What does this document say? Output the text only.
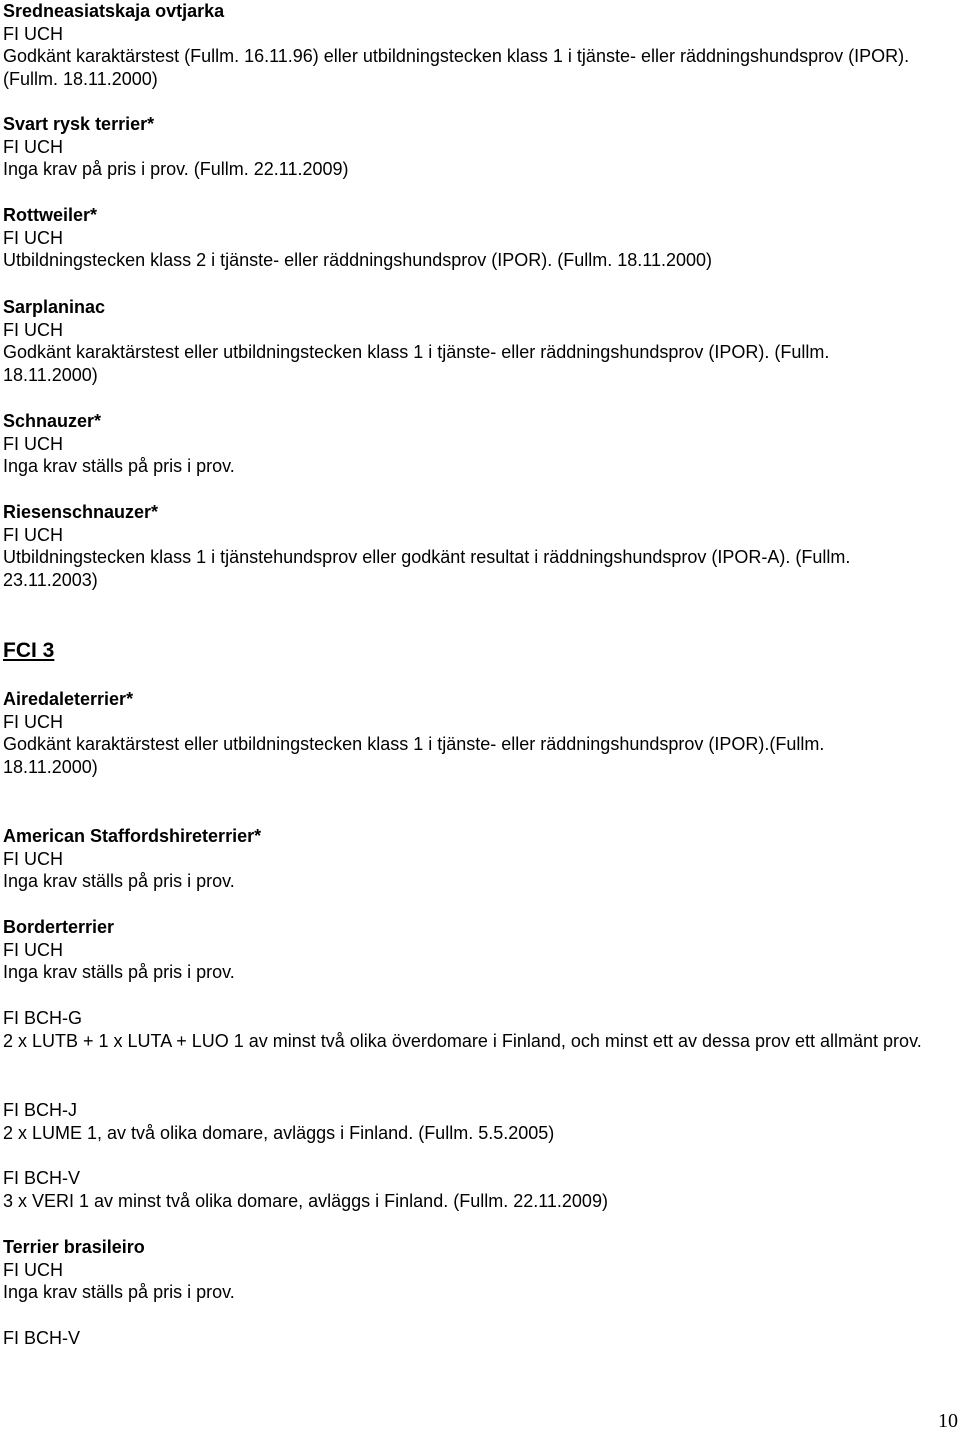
Sredneasiatskaja ovtjarka
FI UCH
Godkänt karaktärstest (Fullm. 16.11.96) eller utbildningstecken klass 1 i tjänste- eller räddningshundsprov (IPOR). (Fullm. 18.11.2000)
Svart rysk terrier*
FI UCH
Inga krav på pris i prov. (Fullm. 22.11.2009)
Rottweiler*
FI UCH
Utbildningstecken klass 2 i tjänste- eller räddningshundsprov (IPOR). (Fullm. 18.11.2000)
Sarplaninac
FI UCH
Godkänt karaktärstest eller utbildningstecken klass 1 i tjänste- eller räddningshundsprov (IPOR). (Fullm. 18.11.2000)
Schnauzer*
FI UCH
Inga krav ställs på pris i prov.
Riesenschnauzer*
FI UCH
Utbildningstecken klass 1 i tjänstehundsprov eller godkänt resultat i räddningshundsprov (IPOR-A). (Fullm. 23.11.2003)
FCI 3
Airedaleterrier*
FI UCH
Godkänt karaktärstest eller utbildningstecken klass 1 i tjänste- eller räddningshundsprov (IPOR).(Fullm. 18.11.2000)
American Staffordshireterrier*
FI UCH
Inga krav ställs på pris i prov.
Borderterrier
FI UCH
Inga krav ställs på pris i prov.
FI BCH-G
2 x LUTB + 1 x LUTA + LUO 1 av minst två olika överdomare i Finland, och minst ett av dessa prov ett allmänt prov.
FI BCH-J
2 x LUME 1, av två olika domare, avläggs i Finland. (Fullm. 5.5.2005)
FI BCH-V
3 x VERI 1 av minst två olika domare, avläggs i Finland. (Fullm. 22.11.2009)
Terrier brasileiro
FI UCH
Inga krav ställs på pris i prov.
FI BCH-V
10
